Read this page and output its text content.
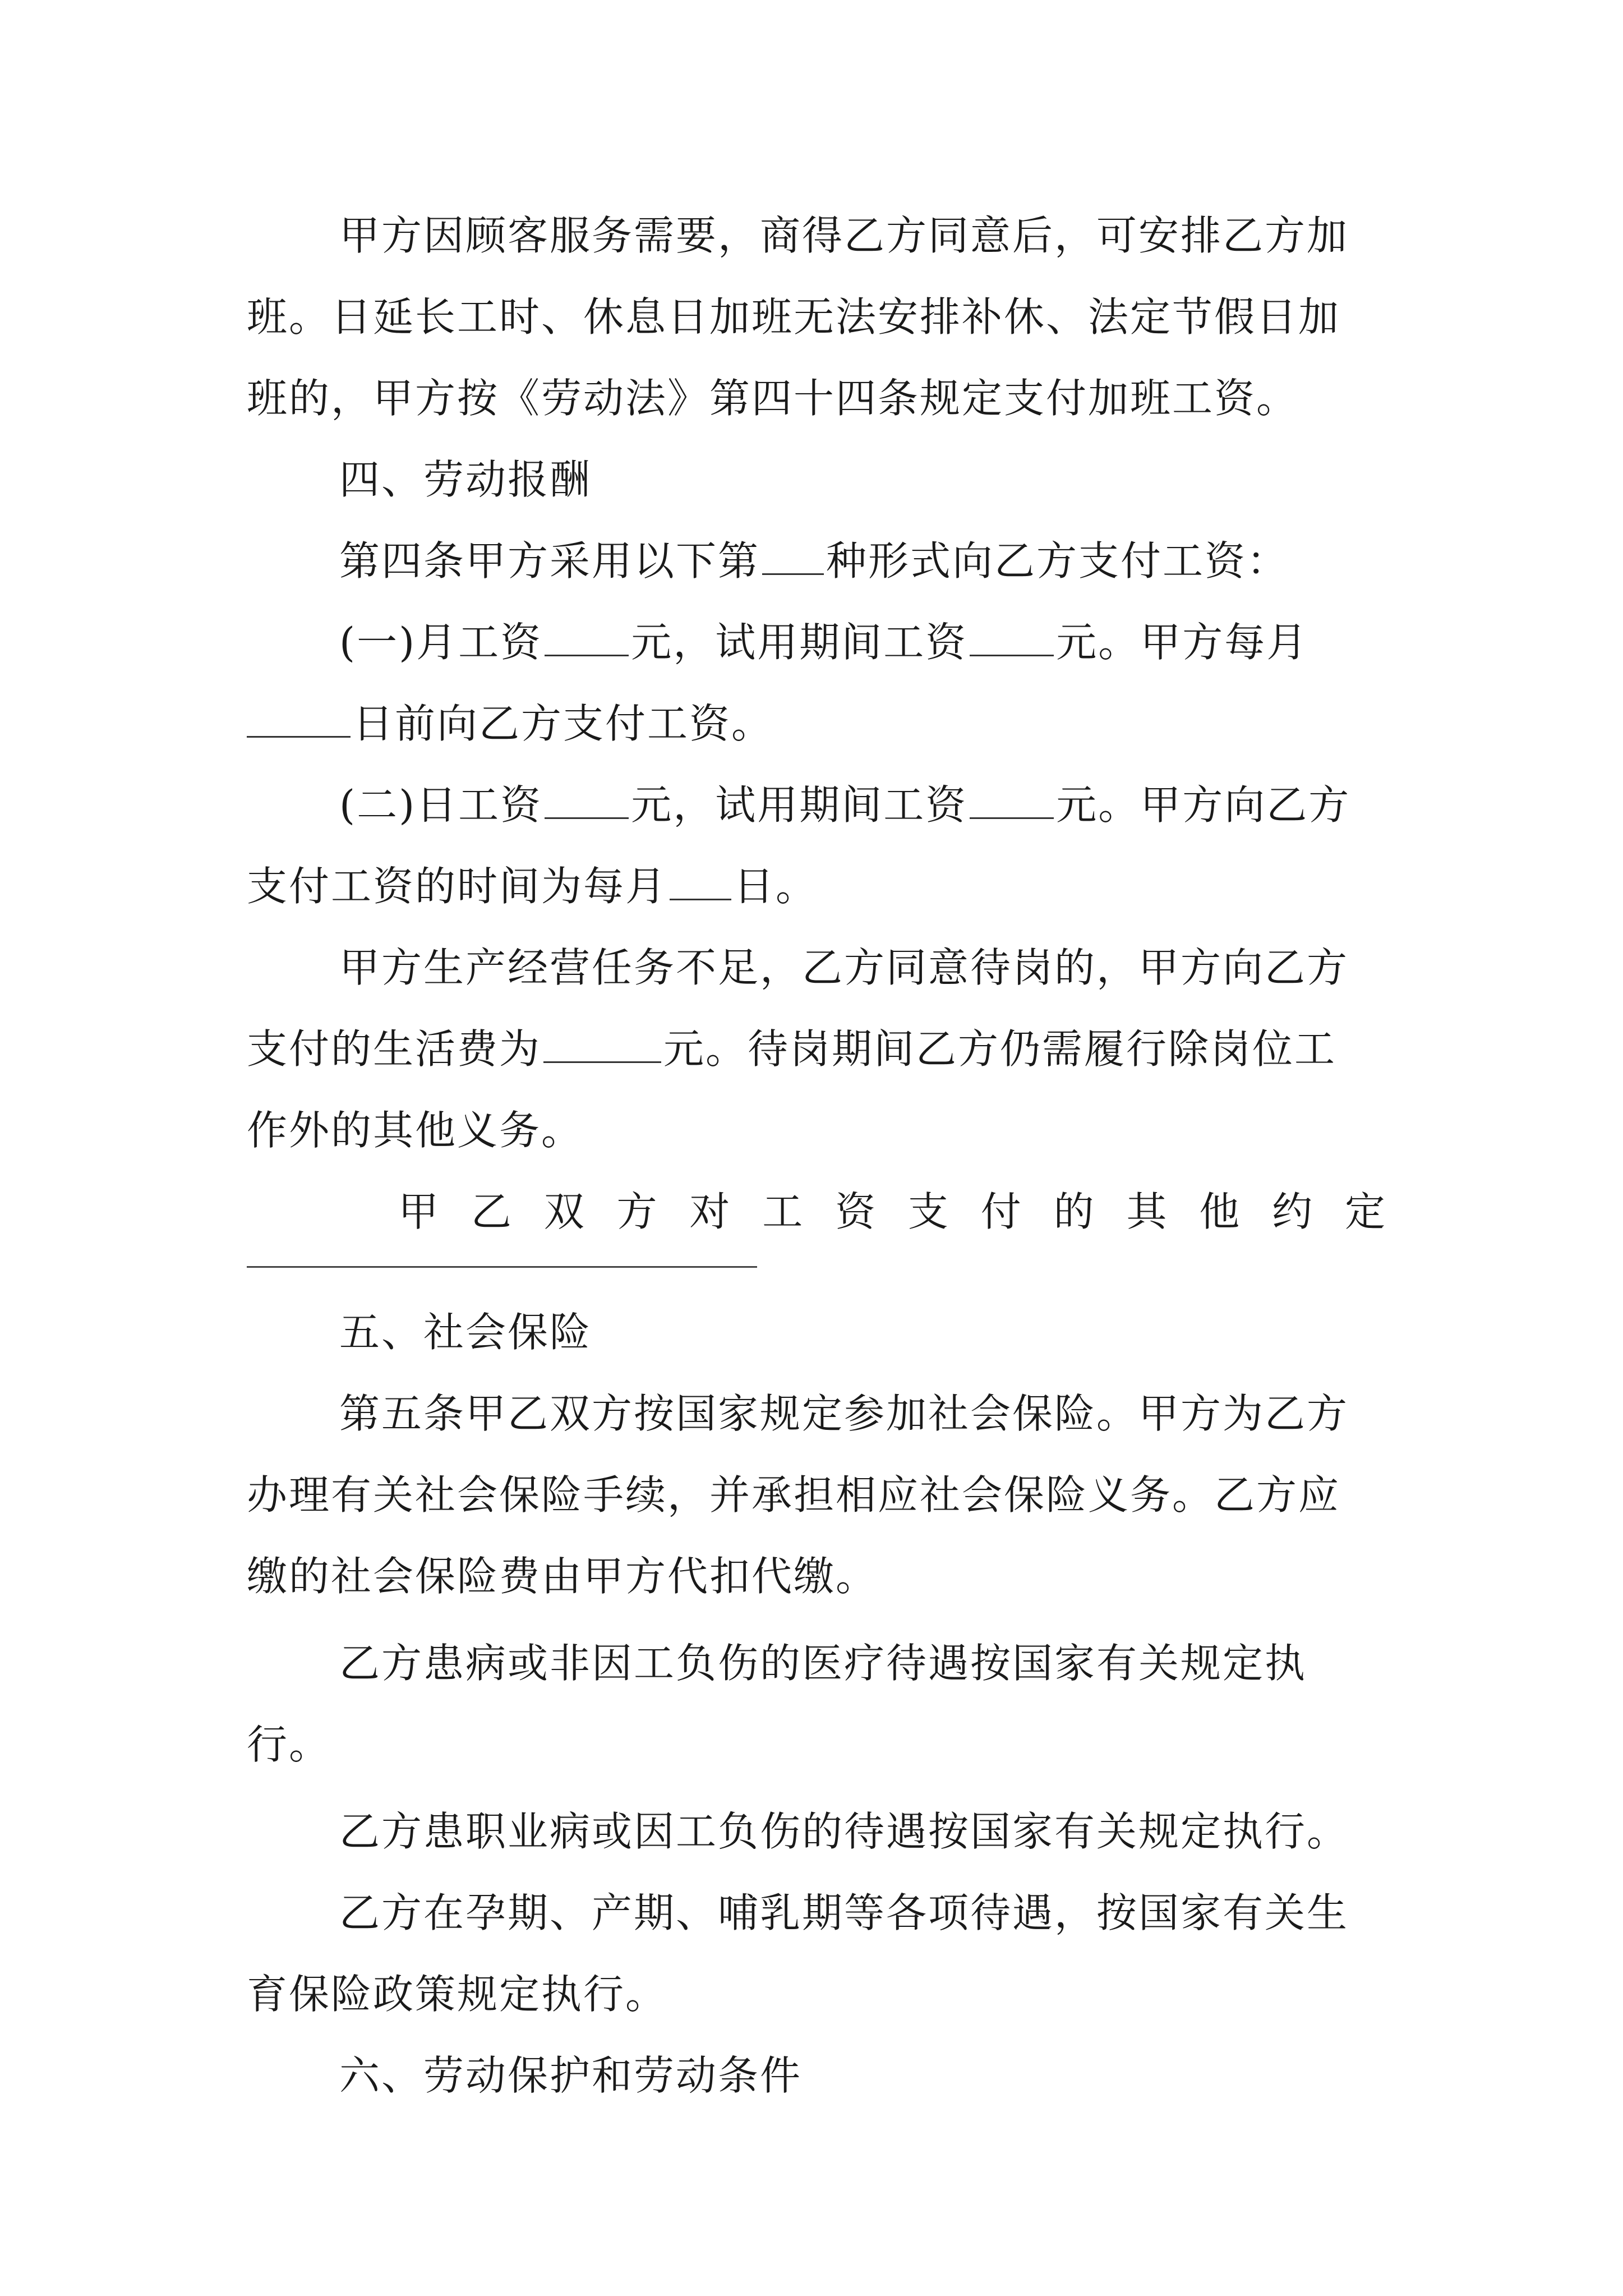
甲方因顾客服务需要，商得乙方同意后，可安排乙方加
班。日延长工时、休息日加班无法安排补休、法定节假日加
班的，甲方按《劳动法》第四十四条规定支付加班工资。
四、劳动报酬
第四条甲方采用以下第 种形式向乙方支付工资：
(一)月工资 元，试用期间工资 元。甲方每月
日前向乙方支付工资。
(二)日工资 元，试用期间工资 元。甲方向乙方
支付工资的时间为每月 日。
甲方生产经营任务不足，乙方同意待岗的，甲方向乙方
支付的生活费为	元。待岗期间乙方仍需履行除岗位工
作外的其他义务。
甲 乙 双 方 对 工 资 支 付 的 其 他 约 定
五、社会保险
第五条甲乙双方按国家规定参加社会保险。甲方为乙方
办理有关社会保险手续，并承担相应社会保险义务。乙方应
缴的社会保险费由甲方代扣代缴。
乙方患病或非因工负伤的医疗待遇按国家有关规定执
行。
乙方患职业病或因工负伤的待遇按国家有关规定执行。
乙方在孕期、产期、哺乳期等各项待遇，按国家有关生
育保险政策规定执行。
六、劳动保护和劳动条件
